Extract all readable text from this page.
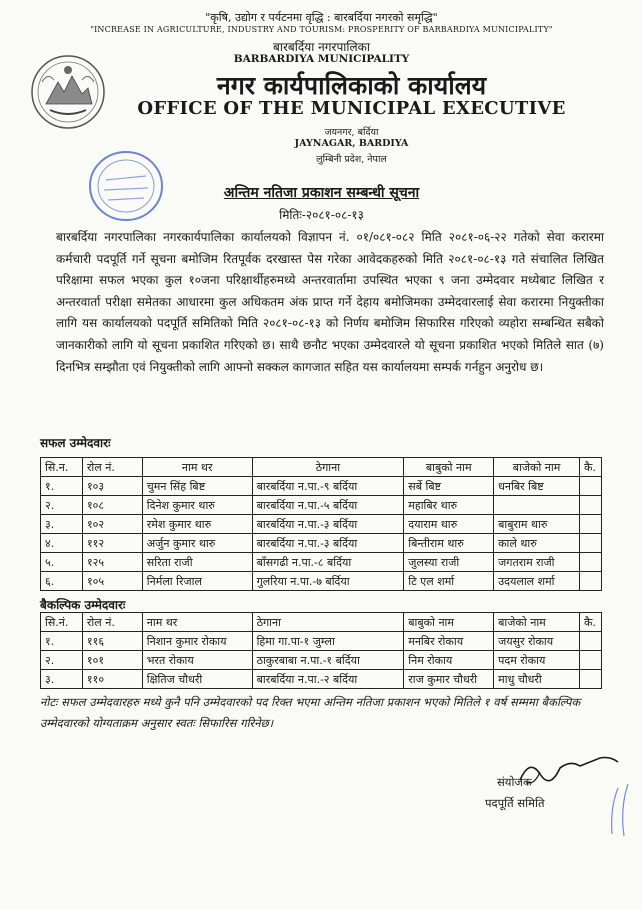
"कृषि, उद्योग र पर्यटनमा वृद्धि : बारबर्दिया नगरको समृद्धि"
"INCREASE IN AGRICULTURE, INDUSTRY AND TOURISM: PROSPERITY OF BARBARDIYA MUNICIPALITY"
बारबर्दिया नगरपालिका
BARBARDIYA MUNICIPALITY
नगर कार्यपालिकाको कार्यालय
OFFICE OF THE MUNICIPAL EXECUTIVE
जयनगर, बर्दिया
JAYNAGAR, BARDIYA
लुम्बिनी प्रदेश, नेपाल
अन्तिम नतिजा प्रकाशन सम्बन्धी सूचना
मितिः-२०८१-०८-१३
बारबर्दिया नगरपालिका नगरकार्यपालिका कार्यालयको विज्ञापन नं. ०१/०८१-०८२ मिति २०८१-०६-२२ गतेको सेवा करारमा कर्मचारी पदपूर्ति गर्ने सूचना बमोजिम रितपूर्वक दरखास्त पेस गरेका आवेदकहरुको मिति २०८१-०८-१३ गते संचालित लिखित परिक्षामा सफल भएका कुल १०जना परिक्षार्थीहरुमध्ये अन्तरवार्तामा उपस्थित भएका ९ जना उम्मेदवार मध्येबाट लिखित र अन्तरवार्ता परीक्षा समेतका आधारमा कुल अधिकतम अंक प्राप्त गर्ने देहाय बमोजिमका उम्मेदवारलाई सेवा करारमा नियुक्तीका लागि यस कार्यालयको पदपूर्ति समितिको मिति २०८१-०८-१३ को निर्णय बमोजिम सिफारिस गरिएको व्यहोरा सम्बन्धित सबैको जानकारीको लागि यो सूचना प्रकाशित गरिएको छ। साथै छनौट भएका उम्मेदवारले यो सूचना प्रकाशित भएको मितिले सात (७) दिनभित्र सम्झौता एवं नियुक्तीको लागि आफ्नो सक्कल कागजात सहित यस कार्यालयमा सम्पर्क गर्नहुन अनुरोध छ।
सफल उम्मेदवारः
सि.न.	रोल नं.	नाम थर	ठेगाना	बाबुको नाम	बाजेको नाम	कै.
१.	१०३	चुमन सिंह बिष्ट	बारबर्दिया न.पा.-९ बर्दिया	सर्बे बिष्ट	धनबिर बिष्ट	
२.	१०८	दिनेश कुमार थारु	बारबर्दिया न.पा.-५ बर्दिया	महाबिर थारु		
३.	१०२	रमेश कुमार थारु	बारबर्दिया न.पा.-३ बर्दिया	दयाराम थारु	बाबुराम थारु	
४.	११२	अर्जुन कुमार थारु	बारबर्दिया न.पा.-३ बर्दिया	बिन्तीराम थारु	काले थारु	
५.	१२५	सरिता राजी	बाँसगढी न.पा.-८ बर्दिया	जुलस्या राजी	जगतराम राजी	
६.	१०५	निर्मला रिजाल	गुलरिया न.पा.-७ बर्दिया	टि एल शर्मा	उदयलाल शर्मा	
बैकल्पिक उम्मेदवारः
सि.नं.	रोल नं.	नाम थर	ठेगाना	बाबुको नाम	बाजेको नाम	कै.
१.	११६	निशान कुमार रोकाय	हिमा गा.पा-१ जुम्ला	मनबिर रोकाय	जयसुर रोकाय	
२.	१०१	भरत रोकाय	ठाकुरबाबा न.पा.-१ बर्दिया	निम रोकाय	पदम रोकाय	
३.	११०	क्षितिज चौधरी	बारबर्दिया न.पा.-२ बर्दिया	राज कुमार चौधरी	माधु चौधरी	
नोटः सफल उम्मेदवारहरु मध्ये कुनै पनि उम्मेदवारको पद रिक्त भएमा अन्तिम नतिजा प्रकाशन भएको मितिले १ वर्ष सम्ममा बैकल्पिक उम्मेदवारको योग्यताक्रम अनुसार स्वतः सिफारिस गरिनेछ।
संयोजक
पदपूर्ति समिति
